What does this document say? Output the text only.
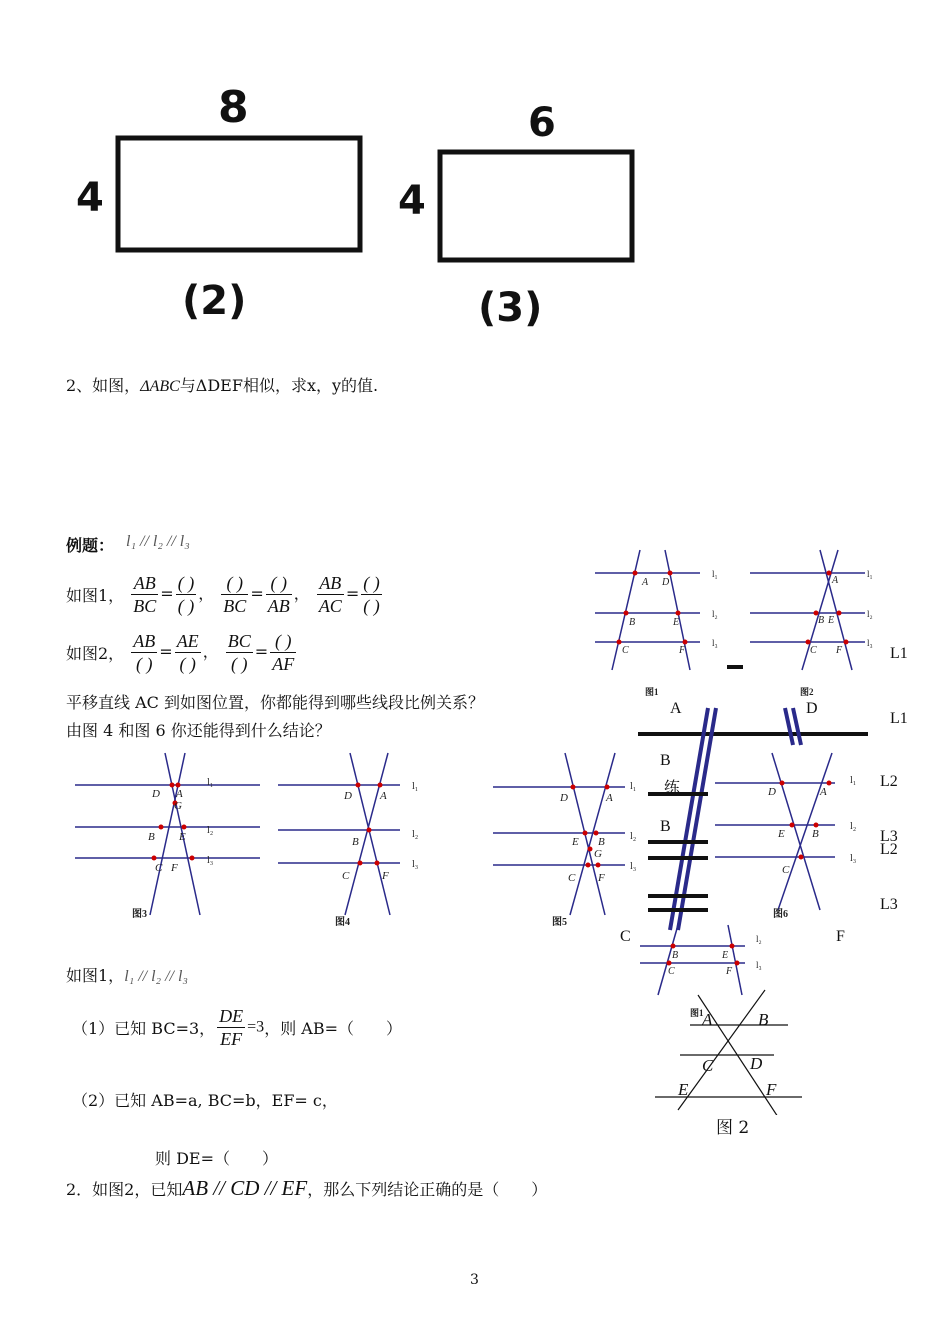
8
4
(2)
6
4
(3)
2、如图，ΔABC与ΔDEF相似，求x，y的值.
例题： l₁ // l₂ // l₃
如图1， $\frac{AB}{BC} = \frac{( )}{( )}$ ， $\frac{( )}{BC} = \frac{( )}{AB}$ ， $\frac{AB}{AC} = \frac{( )}{( )}$
如图2， $\frac{AB}{( )} = \frac{AE}{( )}$ ， $\frac{BC}{( )} = \frac{( )}{AF}$
平移直线 AC 到如图位置，你都能得到哪些线段比例关系？
由图 4 和图 6 你还能得到什么结论？
A D
B	E
C	F
A
B E
C F
l₁
l₂
l₃
l₁
l₂
l₃
图1	图2
L1
A	D
L1
B
练
B
C	F
L2
L3
L2
L3
D A
G
B E
C F
D	A
B
C	F
D	A
E B
G
C F
D	A
E B
C
l₁
l₂
l₃
l₁
l₂
l₃
l₁
l₂
l₃
l₁
l₂
l₃
图3
图4	图5
图6
B	E
C	F
l₂
l₃
图1
A	B
C D
E	F
图 2
如图1，l₁ // l₂ // l₃
（1）已知 BC=3， $\frac{DE}{EF} =3$，则 AB=（　　）
（2）已知 AB=a, BC=b，EF= c，
则 DE=（　　）
2．如图2，已知AB // CD // EF，那么下列结论正确的是（　　）
3
